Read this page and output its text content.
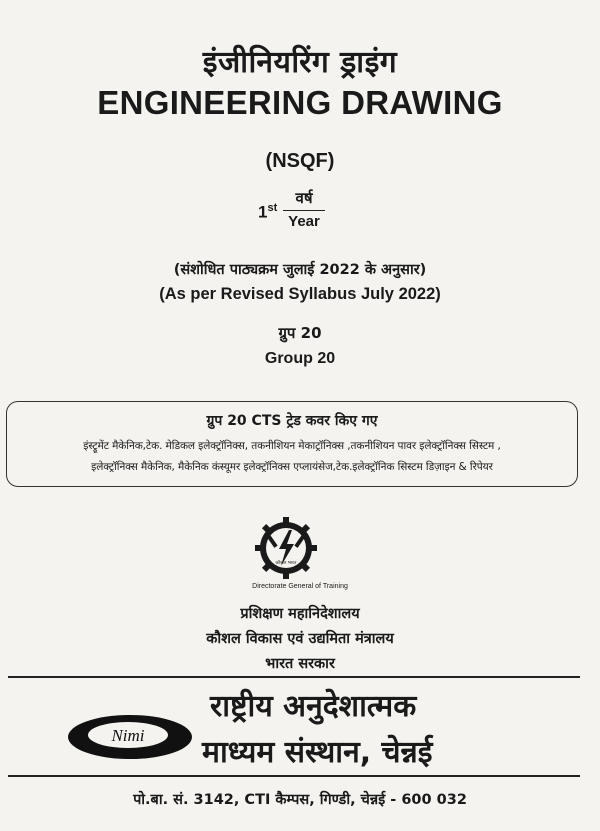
इंजीनियरिंग ड्राइंग
ENGINEERING DRAWING
(NSQF)
1st
वर्ष
Year
(संशोधित पाठ्यक्रम जुलाई 2022 के अनुसार)
(As per Revised Syllabus July 2022)
ग्रुप 20
Group 20
ग्रुप 20 CTS ट्रेड कवर किए गए
इंस्ट्रूमेंट मैकेनिक,टेक. मेडिकल इलेक्ट्रॉनिक्स, तकनीशियन मेकाट्रॉनिक्स ,तकनीशियन पावर इलेक्ट्रॉनिक्स सिस्टम ,
इलेक्ट्रॉनिक्स मैकेनिक, मैकेनिक कंस्यूमर इलेक्ट्रॉनिक्स एप्लायंसेज,टेक.इलेक्ट्रॉनिक सिस्टम डिज़ाइन & रिपेयर
कौशल भारत
Directorate General of Training
प्रशिक्षण महानिदेशालय
कौशल विकास एवं उद्यमिता मंत्रालय
भारत सरकार
Nimi
राष्ट्रीय अनुदेशात्मक
माध्यम संस्थान, चेन्नई
पो.बा. सं. 3142, CTI कैम्पस, गिण्डी, चेन्नई - 600 032
